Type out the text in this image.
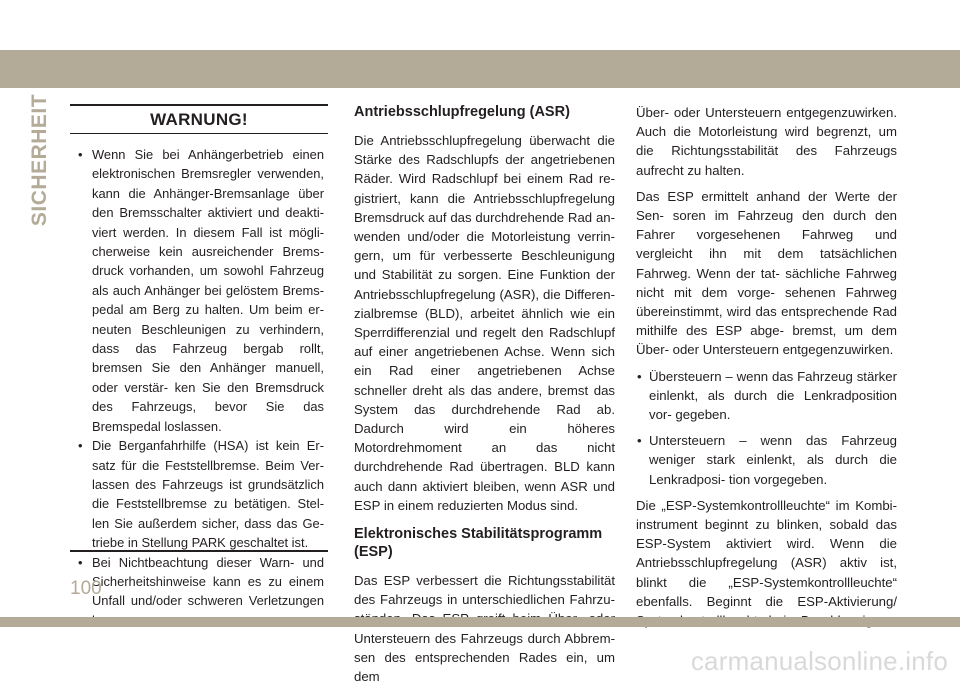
SICHERHEIT	WARNUNG!
• Wenn Sie bei Anhängerbetrieb einen elektronischen Bremsregler verwenden, kann die Anhänger-Bremsanlage über den Bremsschalter aktiviert und deakti- viert werden. In diesem Fall ist mögli- cherweise kein ausreichender Brems- druck vorhanden, um sowohl Fahrzeug als auch Anhänger bei gelöstem Brems- pedal am Berg zu halten. Um beim er- neuten Beschleunigen zu verhindern, dass das Fahrzeug bergab rollt, bremsen Sie den Anhänger manuell, oder verstär- ken Sie den Bremsdruck des Fahrzeugs, bevor Sie das Bremspedal loslassen.
• Die Berganfahrhilfe (HSA) ist kein Er- satz für die Feststellbremse. Beim Ver- lassen des Fahrzeugs ist grundsätzlich die Feststellbremse zu betätigen. Stel- len Sie außerdem sicher, dass das Ge- triebe in Stellung PARK geschaltet ist.
• Bei Nichtbeachtung dieser Warn- und Sicherheitshinweise kann es zu einem Unfall und/oder schweren Verletzungen
Antriebsschlupfregelung (ASR)

Die Antriebsschlupfregelung überwacht die Stärke des Radschlupfs der angetriebenen Räder. Wird Radschlupf bei einem Rad re- gistriert, kann die Antriebsschlupfregelung Bremsdruck auf das durchdrehende Rad an- wenden und/oder die Motorleistung verrin- gern, um für verbesserte Beschleunigung und Stabilität zu sorgen. Eine Funktion der Antriebsschlupfregelung (ASR), die Differen- zialbremse (BLD), arbeitet ähnlich wie ein Sperrdifferenzial und regelt den Radschlupf auf einer angetriebenen Achse. Wenn sich ein Rad einer angetriebenen Achse schneller dreht als das andere, bremst das System das durchdrehende Rad ab. Dadurch wird ein höheres Motordrehmoment an das nicht durchdrehende Rad übertragen. BLD kann auch dann aktiviert bleiben, wenn ASR und ESP in einem reduzierten Modus sind.

Elektronisches Stabilitätsprogramm (ESP)

Das ESP verbessert die Richtungsstabilität des Fahrzeugs in unterschiedlichen Fahrzu- Untersteuern des Fahrzeugs durch Abbrem- sen des entsprechenden Rades ein, um dem

Über- oder Untersteuern entgegenzuwirken. Auch die Motorleistung wird begrenzt, um die Richtungsstabilität des Fahrzeugs aufrecht zu halten.

Das ESP ermittelt anhand der Werte der Sen- soren im Fahrzeug den durch den Fahrer vorgesehenen Fahrweg und vergleicht ihn mit dem tatsächlichen Fahrweg. Wenn der tat- sächliche Fahrweg nicht mit dem vorge- sehenen Fahrweg übereinstimmt, wird das entsprechende Rad mithilfe des ESP abge- bremst, um dem Über- oder Untersteuern entgegenzuwirken.

• Übersteuern – wenn das Fahrzeug stärker einlenkt, als durch die Lenkradposition vor- gegeben.
• Untersteuern – wenn das Fahrzeug weniger stark einlenkt, als durch die Lenkradposi- tion vorgegeben.

Die „ESP-Systemkontrollleuchte“ im Kombi- instrument beginnt zu blinken, sobald das ESP-System aktiviert wird. Wenn die Antriebsschlupfregelung (ASR) aktiv ist, blinkt die „ESP-Systemkontrollleuchte“ ebenfalls. Beginnt die ESP-Aktivierung/

100
carmanualsonline.info
